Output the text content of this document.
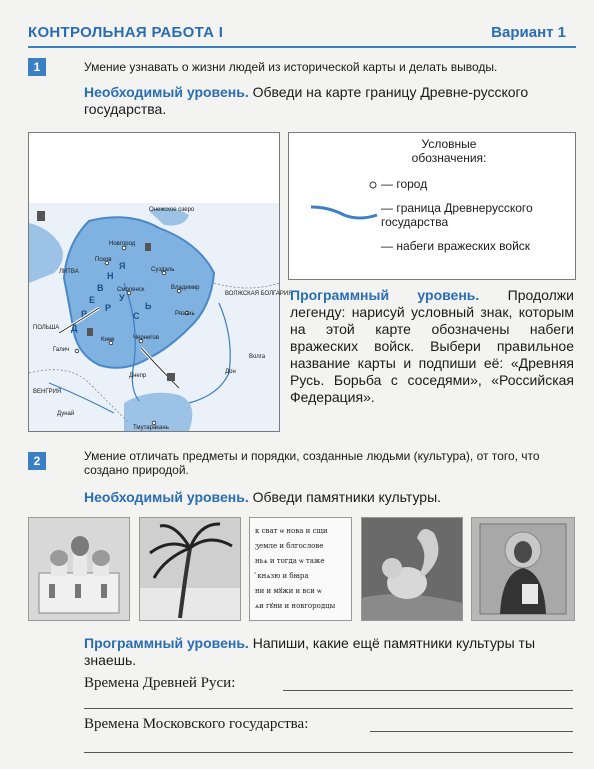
КОНТРОЛЬНАЯ РАБОТА I	Вариант 1
1	Умение узнавать о жизни людей из исторической карты и делать выводы.
Необходимый уровень. Обведи на карте границу Древне-русского государства.
Онежское озеро
Новгород
Псков
ЛИТВА	Суздаль
Владимир
Смоленск
Рязань
ВОЛЖСКАЯ БОЛГАРИЯ
Чернигов
Киев
Галич
ВЕНГРИЯ
Дунай
Тмутаракань
ПОЛЬША
Дон
Волга
Днепр
Д
Р
Е
В
Н
Я
Р
У
С
Ь
Условные обозначения:
— город
— граница Древнерусского государства
— набеги вражеских войск
Программный уровень. Продолжи легенду: нарисуй условный знак, которым на этой карте обозначены набеги вражеских войск. Выбери правильное название карты и подпиши её: «Древняя Русь. Борьба с соседями», «Российская Федерация».
2	Умение отличать предметы и порядки, созданные людьми (культура), от того, что создано природой.
Необходимый уровень. Обведи памятники культуры.
к сват ѡ нова и сщи
ʒемле и блгослове
ньѧ и тогда ѡ таже
ⷶ кнѧзю и бꙗра
ни и мꙋжи и вси ѡ
ѧи гꙋни и новгородцы
Программный уровень. Напиши, какие ещё памятники культуры ты знаешь.
Времена Древней Руси:
Времена Московского государства:
